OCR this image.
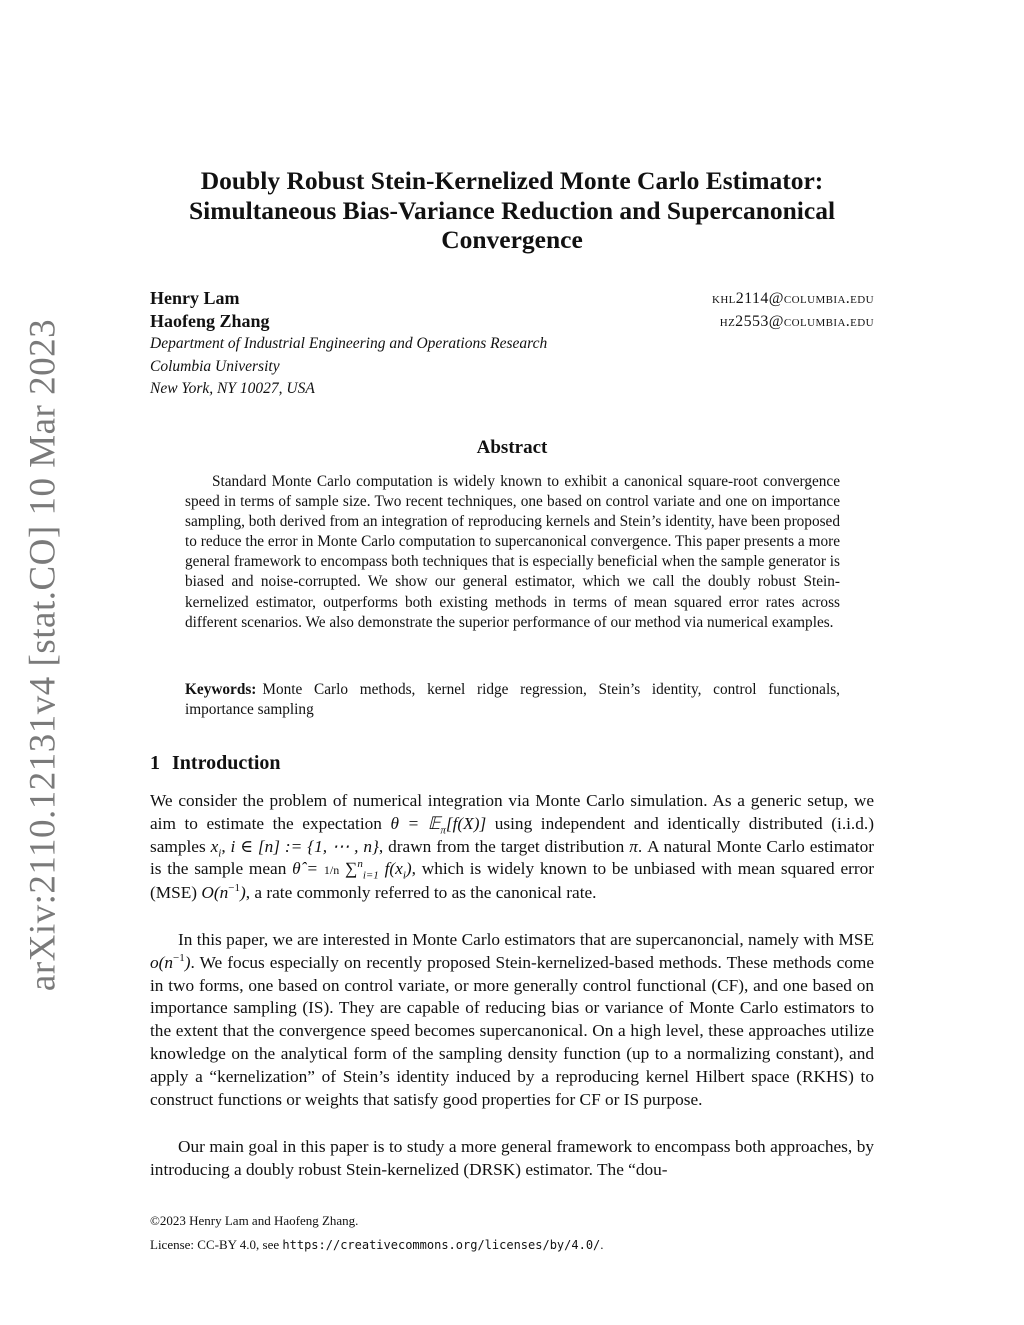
arXiv:2110.12131v4 [stat.CO] 10 Mar 2023
Doubly Robust Stein-Kernelized Monte Carlo Estimator:
Simultaneous Bias-Variance Reduction and Supercanonical
Convergence
Henry Lam	khl2114@columbia.edu
Haofeng Zhang	hz2553@columbia.edu
Department of Industrial Engineering and Operations Research
Columbia University
New York, NY 10027, USA
Abstract

Standard Monte Carlo computation is widely known to exhibit a canonical square-root convergence speed in terms of sample size. Two recent techniques, one based on control variate and one on importance sampling, both derived from an integration of reproducing kernels and Stein’s identity, have been proposed to reduce the error in Monte Carlo computation to supercanonical convergence. This paper presents a more general framework to encompass both techniques that is especially beneficial when the sample generator is biased and noise-corrupted. We show our general estimator, which we call the doubly robust Stein-kernelized estimator, outperforms both existing methods in terms of mean squared error rates across different scenarios. We also demonstrate the superior performance of our method via numerical examples.

Keywords: Monte Carlo methods, kernel ridge regression, Stein’s identity, control functionals, importance sampling

1 Introduction

We consider the problem of numerical integration via Monte Carlo simulation. As a generic setup, we aim to estimate the expectation θ = 𝔼$_\pi$[f(X)] using independent and identically distributed (i.i.d.) samples $x_i$, i ∈ [n] := {1, ⋯ , n}, drawn from the target distribution π. A natural Monte Carlo estimator is the sample mean θ̂ = 1/n ∑$^n_{i=1}$ $f(x_i)$, which is widely known to be unbiased with mean squared error (MSE) $O(n^{-1})$, a rate commonly referred to as the canonical rate.

In this paper, we are interested in Monte Carlo estimators that are supercanoncial, namely with MSE $o(n^{-1})$. We focus especially on recently proposed Stein-kernelized-based methods. These methods come in two forms, one based on control variate, or more generally control functional (CF), and one based on importance sampling (IS). They are capable of reducing bias or variance of Monte Carlo estimators to the extent that the convergence speed becomes supercanonical. On a high level, these approaches utilize knowledge on the analytical form of the sampling density function (up to a normalizing constant), and apply a “kernelization” of Stein’s identity induced by a reproducing kernel Hilbert space (RKHS) to construct functions or weights that satisfy good properties for CF or IS purpose.

Our main goal in this paper is to study a more general framework to encompass both approaches, by introducing a doubly robust Stein-kernelized (DRSK) estimator. The “dou-

©2023 Henry Lam and Haofeng Zhang.
License: CC-BY 4.0, see https://creativecommons.org/licenses/by/4.0/.
